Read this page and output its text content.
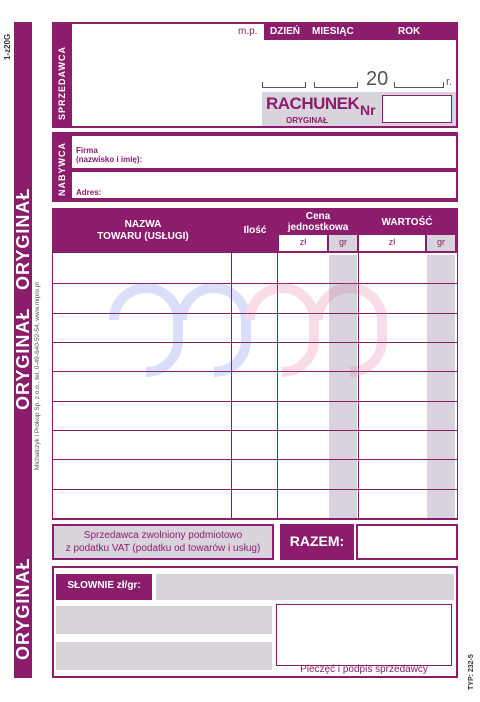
1-z20G
ORYGINAŁ
ORYGINAŁ
ORYGINAŁ
Michalczyk i Prokop Sp. z o.o., tel. 0-49-640-52-54, www.mipro.pl
TYP: 232-5
SPRZEDAWCA
m.p. DZIEŃ MIESIĄC	ROK
20	r.
RACHUNEK Nr
ORYGINAŁ
NABYWCA Firma
(nazwisko i imię):
Adres:
NAZWA
TOWARU (USŁUGI)
Ilość
Cena
jednostkowa	WARTOŚĆ
zł	gr	zł	gr
Sprzedawca zwolniony podmiotowo
z podatku VAT (podatku od towarów i usług)	RAZEM:
SŁOWNIE zł/gr:
Pieczęć i podpis sprzedawcy
